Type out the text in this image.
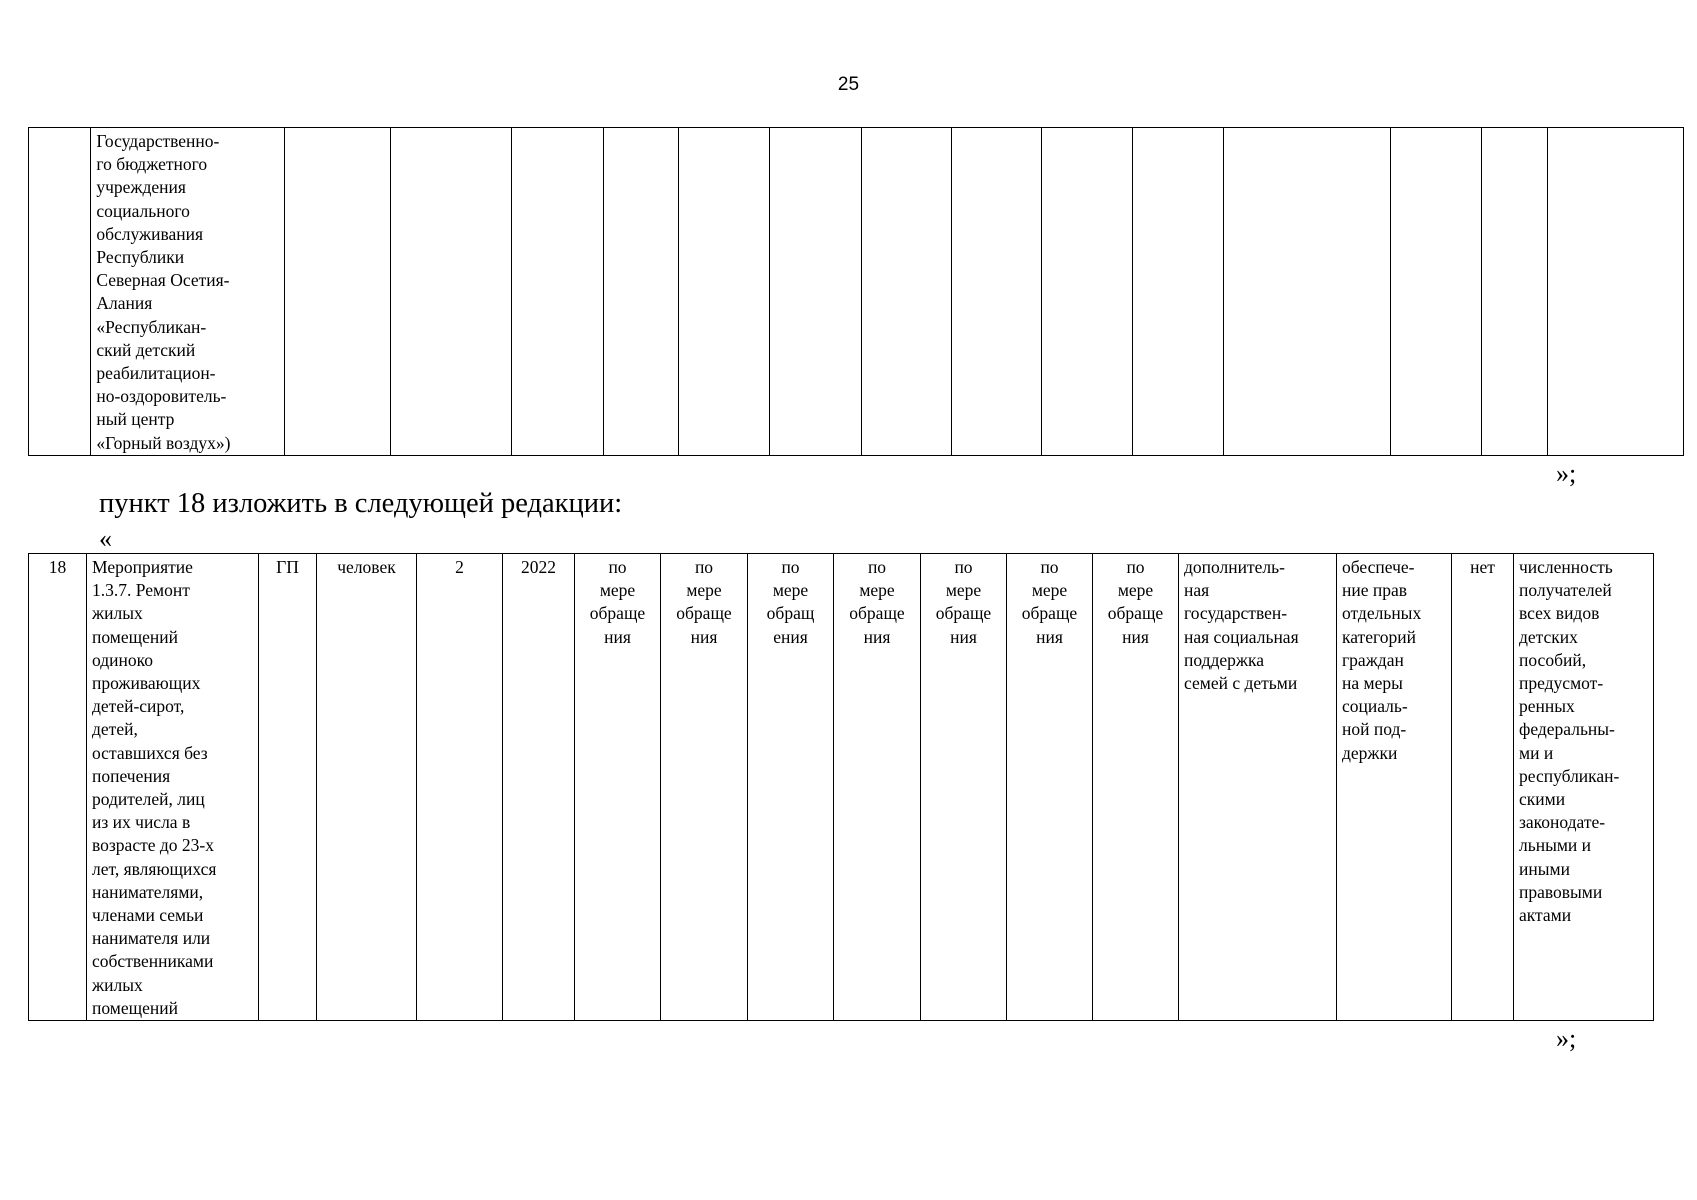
25
	Государственно-
го бюджетного
учреждения
социального
обслуживания
Республики
Северная Осетия-
Алания
«Республикан-
ский детский
реабилитацион-
но-оздоровитель-
ный центр
«Горный воздух»)														
»;
пункт 18 изложить в следующей редакции:
«
18	Мероприятие
1.3.7. Ремонт
жилых
помещений
одиноко
проживающих
детей-сирот,
детей,
оставшихся без
попечения
родителей, лиц
из их числа в
возрасте до 23-х
лет, являющихся
нанимателями,
членами семьи
нанимателя или
собственниками
жилых
помещений	ГП	человек	2	2022	по
мере
обраще
ния	по
мере
обраще
ния	по
мере
обращ
ения	по
мере
обраще
ния	по
мере
обраще
ния	по
мере
обраще
ния	по
мере
обраще
ния	дополнитель-
ная
государствен-
ная социальная
поддержка
семей с детьми	обеспече-
ние прав
отдельных
категорий
граждан
на меры
социаль-
ной под-
держки	нет	численность
получателей
всех видов
детских
пособий,
предусмот-
ренных
федеральны-
ми и
республикан-
скими
законодате-
льными и
иными
правовыми
актами
»;
